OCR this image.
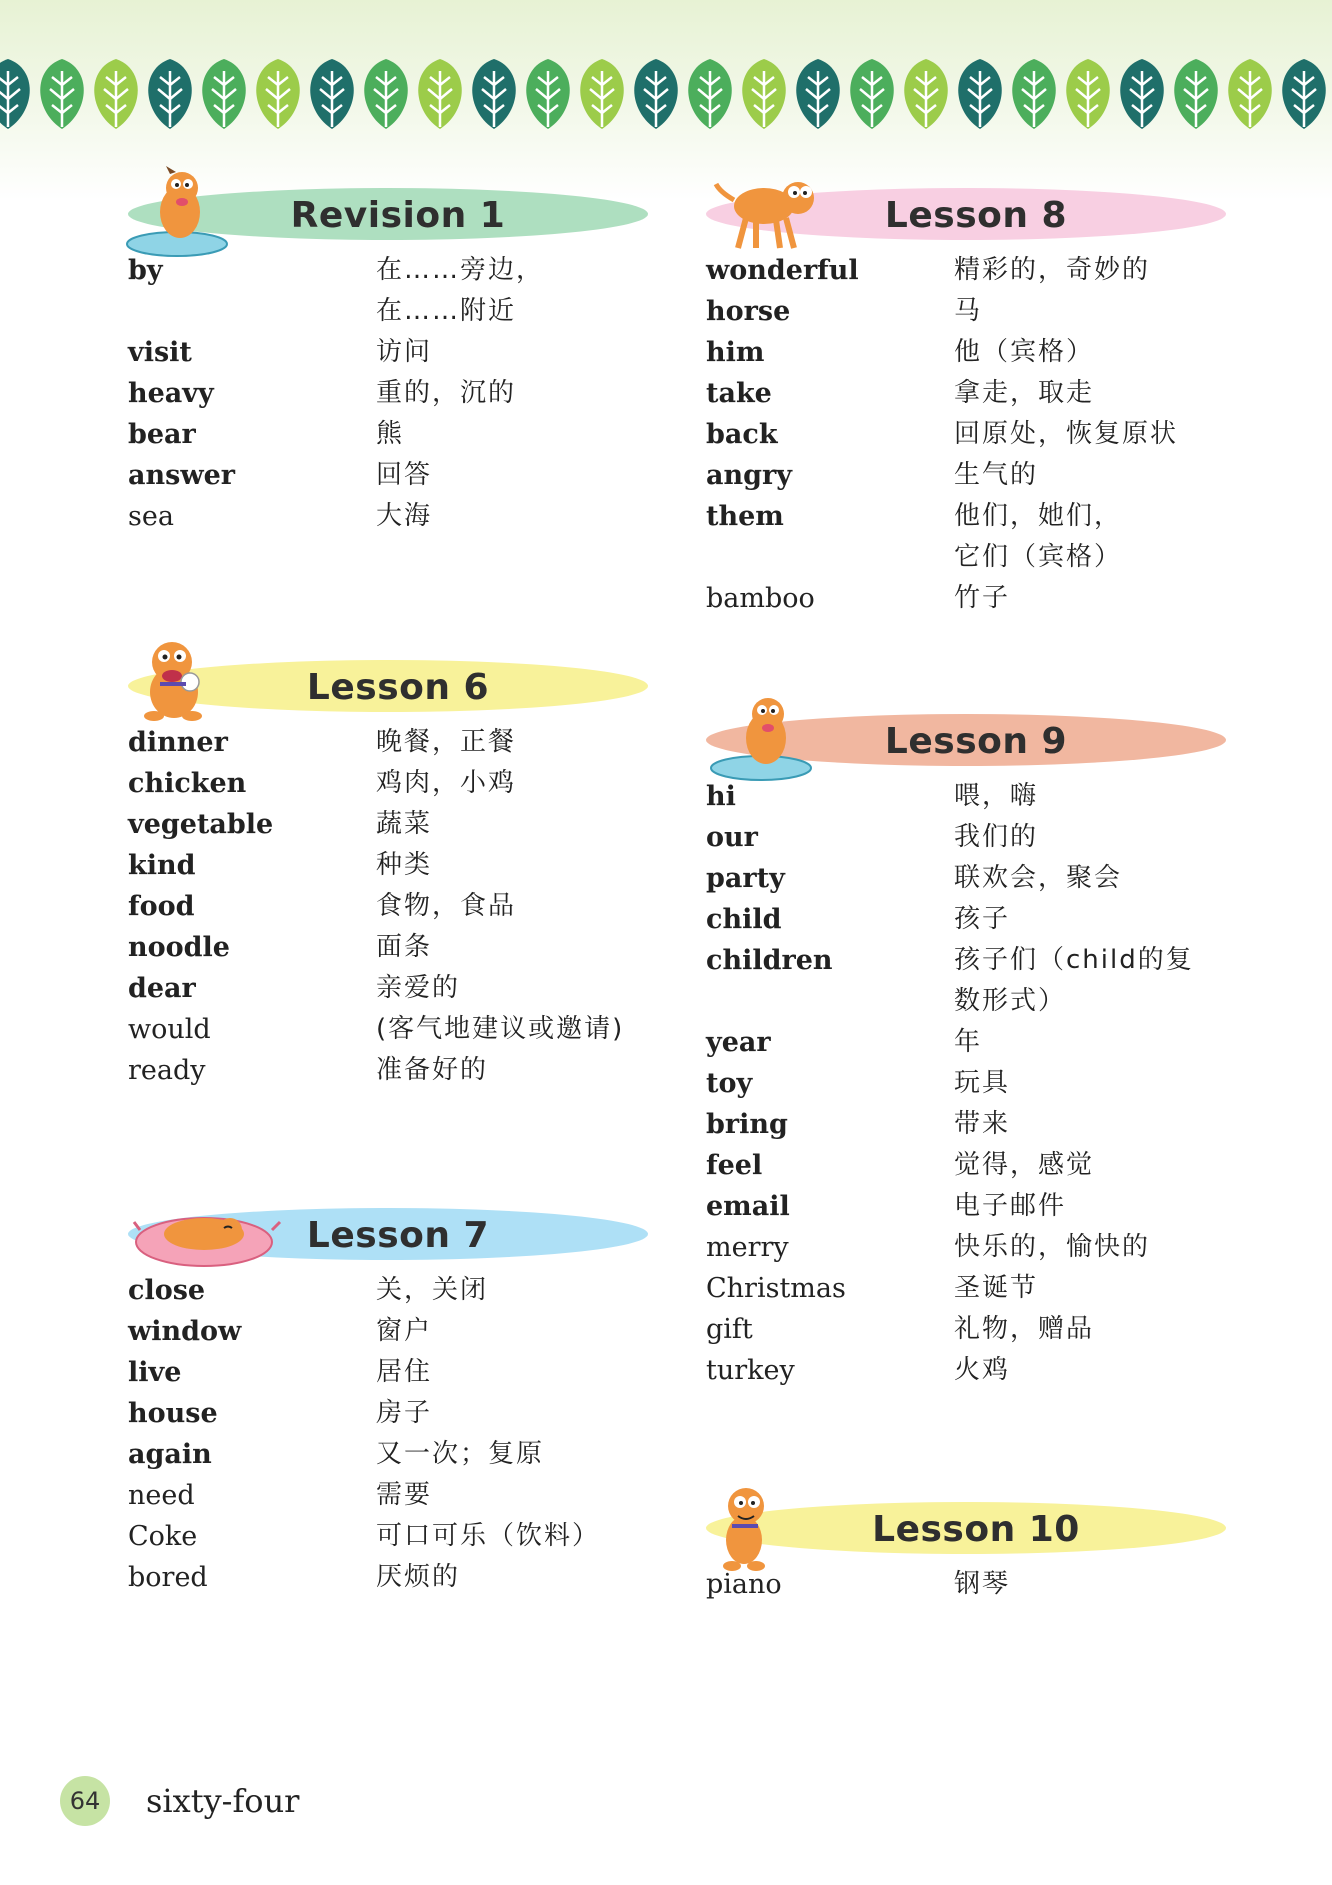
Revision 1
by	在……旁边，
在……附近
visit	访问
heavy	重的，沉的
bear	熊
answer	回答
sea	大海
Lesson 6
dinner	晚餐，正餐
chicken	鸡肉，小鸡
vegetable	蔬菜
kind	种类
food	食物，食品
noodle	面条
dear	亲爱的
would	(客气地建议或邀请)
ready	准备好的
Lesson 7
close	关，关闭
window	窗户
live	居住
house	房子
again	又一次；复原
need	需要
Coke	可口可乐（饮料）
bored	厌烦的
Lesson 8
wonderful	精彩的，奇妙的
horse	马
him	他（宾格）
take	拿走，取走
back	回原处，恢复原状
angry	生气的
them	他们，她们，
它们（宾格）
bamboo	竹子
Lesson 9
hi	喂，嗨
our	我们的
party	联欢会，聚会
child	孩子
children	孩子们（child的复
数形式）
year	年
toy	玩具
bring	带来
feel	觉得，感觉
email	电子邮件
merry	快乐的，愉快的
Christmas	圣诞节
gift	礼物，赠品
turkey	火鸡
Lesson 10
piano	钢琴
64	sixty-four
